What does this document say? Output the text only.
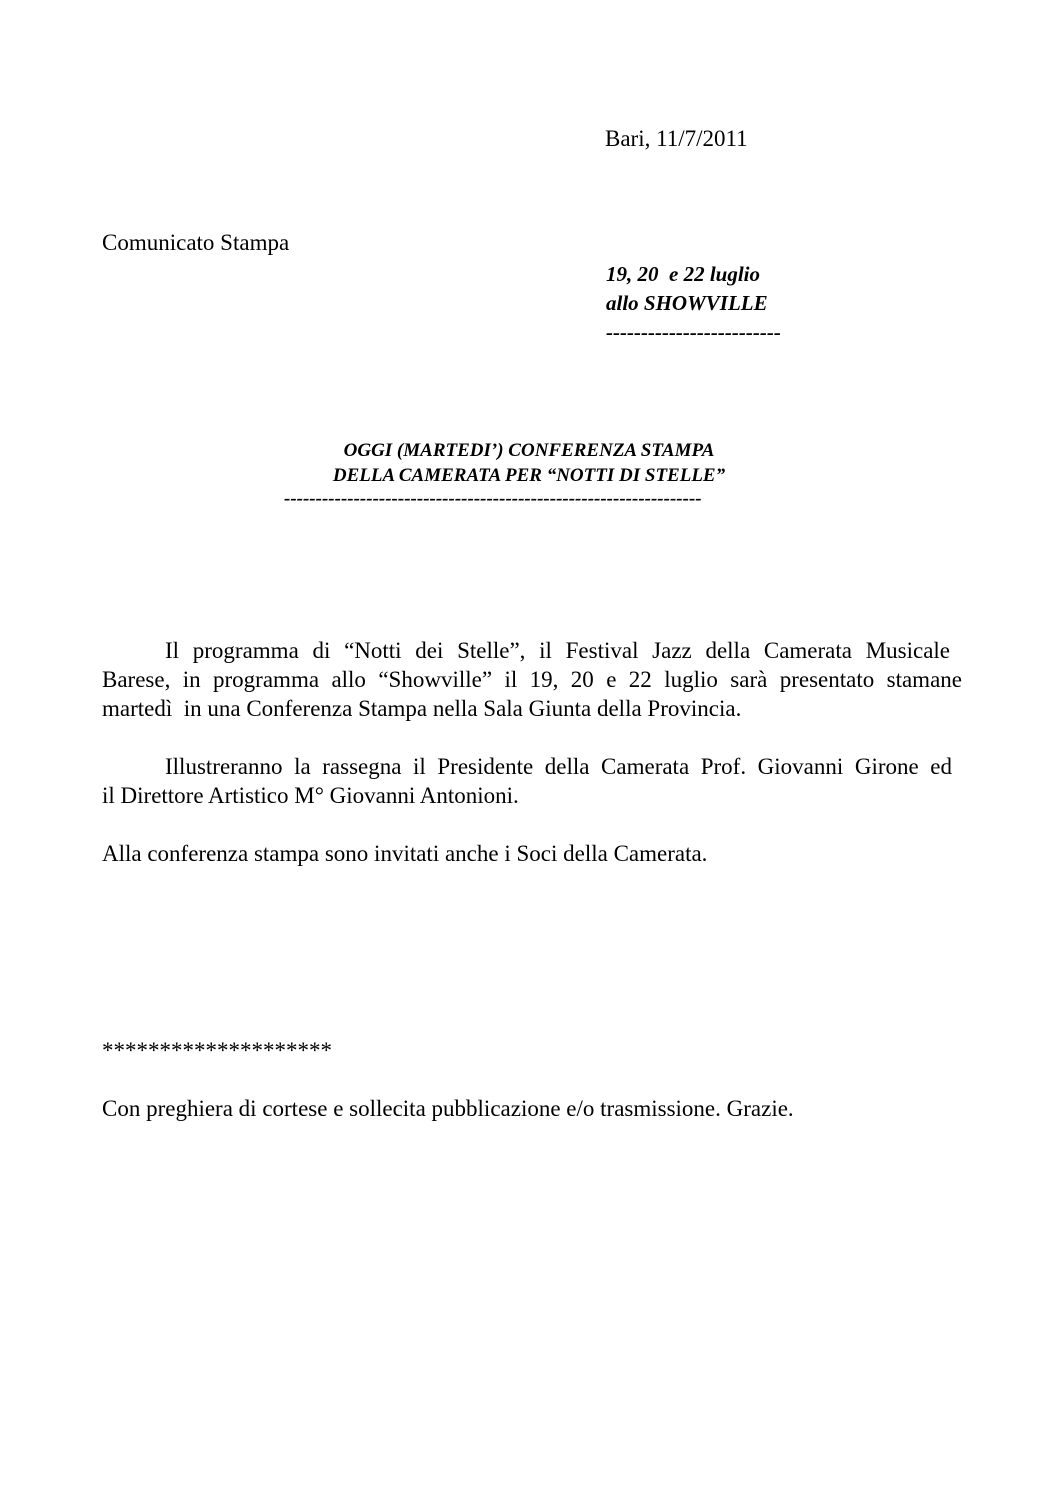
Bari, 11/7/2011
Comunicato Stampa
19, 20  e 22 luglio
allo SHOWVILLE
-------------------------
OGGI (MARTEDI’) CONFERENZA STAMPA
DELLA CAMERATA PER “NOTTI DI STELLE”
------------------------------------------------------------------
Il programma di “Notti dei Stelle”, il Festival Jazz della Camerata Musicale
Barese, in programma allo “Showville” il 19, 20 e 22 luglio sarà presentato stamane
martedì  in una Conferenza Stampa nella Sala Giunta della Provincia.
Illustreranno la rassegna il Presidente della Camerata Prof. Giovanni Girone ed
il Direttore Artistico M° Giovanni Antonioni.
Alla conferenza stampa sono invitati anche i Soci della Camerata.
********************
Con preghiera di cortese e sollecita pubblicazione e/o trasmissione. Grazie.
